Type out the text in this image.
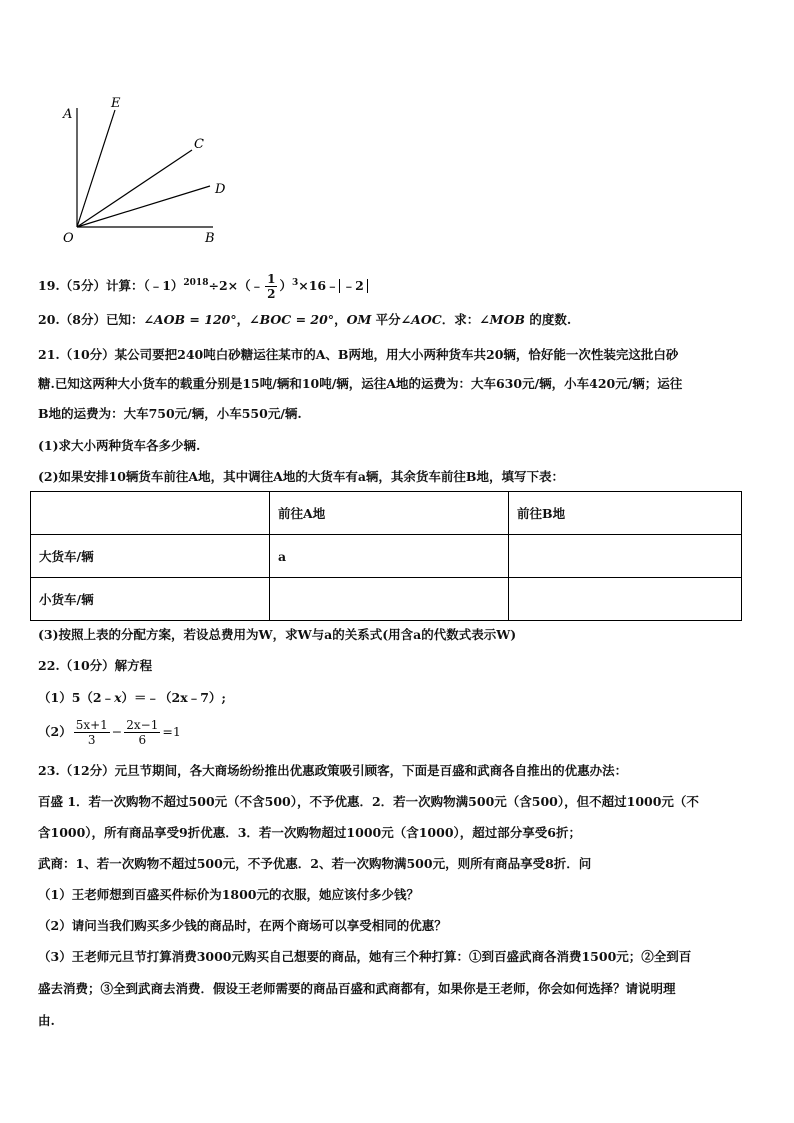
A
E
C
D
O	B
19.（5分）计算：（﹣1）$^{2018}$÷2×（﹣ $\frac{1}{2}$ ）$^3$×16﹣ ﹣2
20.（8分）已知：∠AOB = 120°，∠BOC = 20°，OM 平分∠AOC．求：∠MOB 的度数.
21.（10分）某公司要把240吨白砂糖运往某市的A、B两地，用大小两种货车共20辆，恰好能一次性装完这批白砂
糖.已知这两种大小货车的载重分别是15吨/辆和10吨/辆，运往A地的运费为：大车630元/辆，小车420元/辆；运往
B地的运费为：大车750元/辆，小车550元/辆.
(1)求大小两种货车各多少辆.
(2)如果安排10辆货车前往A地，其中调往A地的大货车有a辆，其余货车前往B地，填写下表：
	前往A地	前往B地
大货车/辆	a	
小货车/辆		
(3)按照上表的分配方案，若设总费用为W，求W与a的关系式(用含a的代数式表示W)
22.（10分）解方程
（1）5（2﹣x）＝﹣（2x﹣7）;
$(2) \frac{5x+1}{3} - \frac{2x-1}{6} =1$
23.（12分）元旦节期间，各大商场纷纷推出优惠政策吸引顾客，下面是百盛和武商各自推出的优惠办法：
百盛 1．若一次购物不超过500元（不含500），不予优惠．2．若一次购物满500元（含500），但不超过1000元（不
含1000），所有商品享受9折优惠．3．若一次购物超过1000元（含1000），超过部分享受6折；
武商：1、若一次购物不超过500元，不予优惠．2、若一次购物满500元，则所有商品享受8折．问
（1）王老师想到百盛买件标价为1800元的衣服，她应该付多少钱？
（2）请问当我们购买多少钱的商品时，在两个商场可以享受相同的优惠？
（3）王老师元旦节打算消费3000元购买自己想要的商品，她有三个种打算：①到百盛武商各消费1500元；②全到百
盛去消费；③全到武商去消费．假设王老师需要的商品百盛和武商都有，如果你是王老师，你会如何选择？请说明理
由.
